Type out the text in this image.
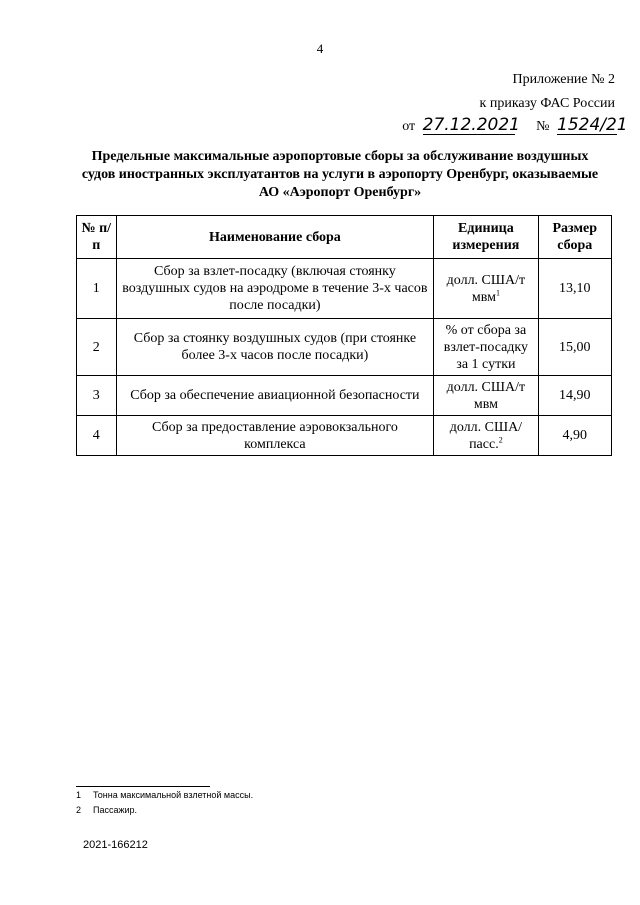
4
Приложение № 2
к приказу ФАС России
от 27.12.2021 № 1524/21
Предельные максимальные аэропортовые сборы за обслуживание воздушных судов иностранных эксплуатантов на услуги в аэропорту Оренбург, оказываемые АО «Аэропорт Оренбург»
№ п/п	Наименование сбора	Единица измерения	Размер сбора
1	Сбор за взлет-посадку (включая стоянку воздушных судов на аэродроме в течение 3-х часов после посадки)	долл. США/т мвм$^1$	13,10
2	Сбор за стоянку воздушных судов (при стоянке более 3-х часов после посадки)	% от сбора за взлет-посадку за 1 сутки	15,00
3	Сбор за обеспечение авиационной безопасности	долл. США/т мвм	14,90
4	Сбор за предоставление аэровокзального комплекса	долл. США/пасс.$^2$	4,90
1 Тонна максимальной взлетной массы.
2 Пассажир.
2021-166212
